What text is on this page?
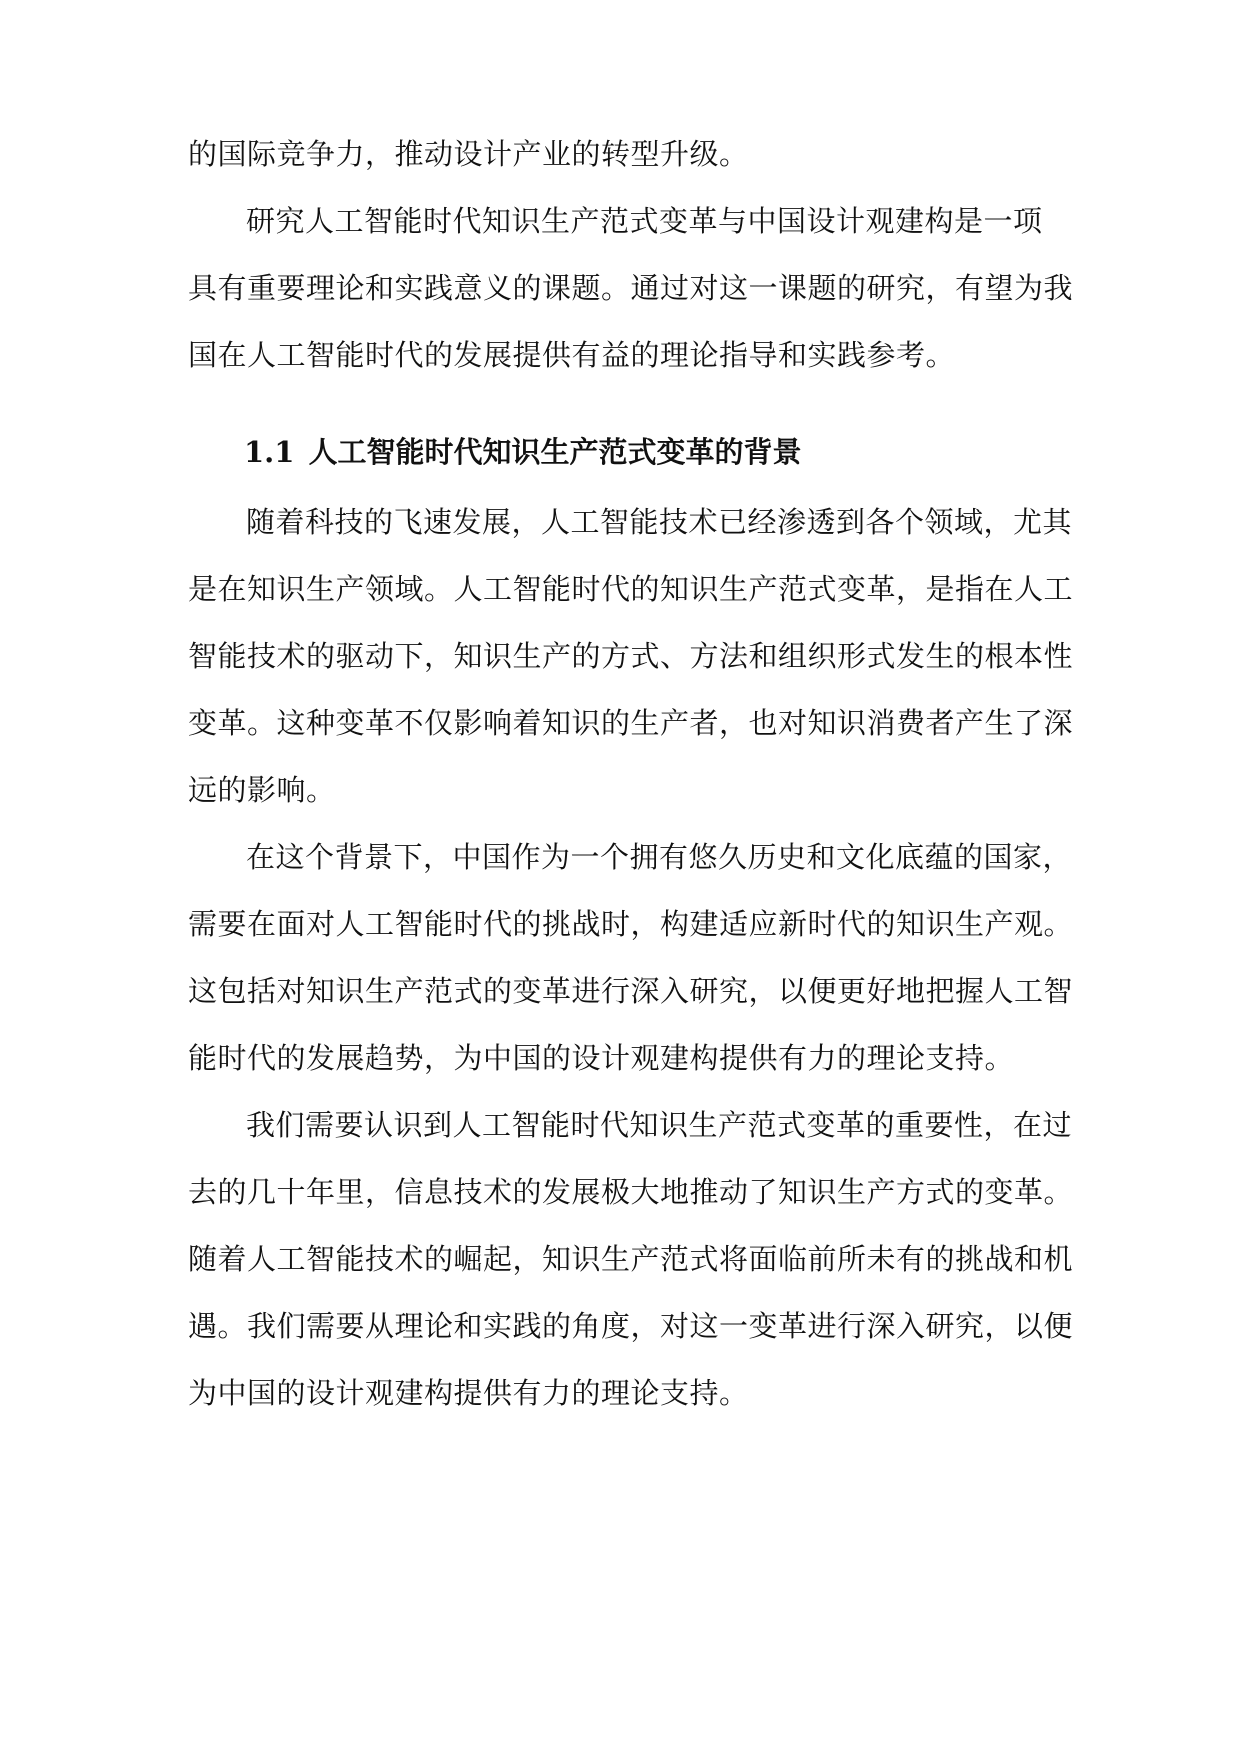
的国际竞争力，推动设计产业的转型升级。
研究人工智能时代知识生产范式变革与中国设计观建构是一项
具有重要理论和实践意义的课题。通过对这一课题的研究，有望为我
国在人工智能时代的发展提供有益的理论指导和实践参考。
1.1 人工智能时代知识生产范式变革的背景
随着科技的飞速发展，人工智能技术已经渗透到各个领域，尤其
是在知识生产领域。人工智能时代的知识生产范式变革，是指在人工
智能技术的驱动下，知识生产的方式、方法和组织形式发生的根本性
变革。这种变革不仅影响着知识的生产者，也对知识消费者产生了深
远的影响。
在这个背景下，中国作为一个拥有悠久历史和文化底蕴的国家，
需要在面对人工智能时代的挑战时，构建适应新时代的知识生产观。
这包括对知识生产范式的变革进行深入研究，以便更好地把握人工智
能时代的发展趋势，为中国的设计观建构提供有力的理论支持。
我们需要认识到人工智能时代知识生产范式变革的重要性，在过
去的几十年里，信息技术的发展极大地推动了知识生产方式的变革。
随着人工智能技术的崛起，知识生产范式将面临前所未有的挑战和机
遇。我们需要从理论和实践的角度，对这一变革进行深入研究，以便
为中国的设计观建构提供有力的理论支持。
